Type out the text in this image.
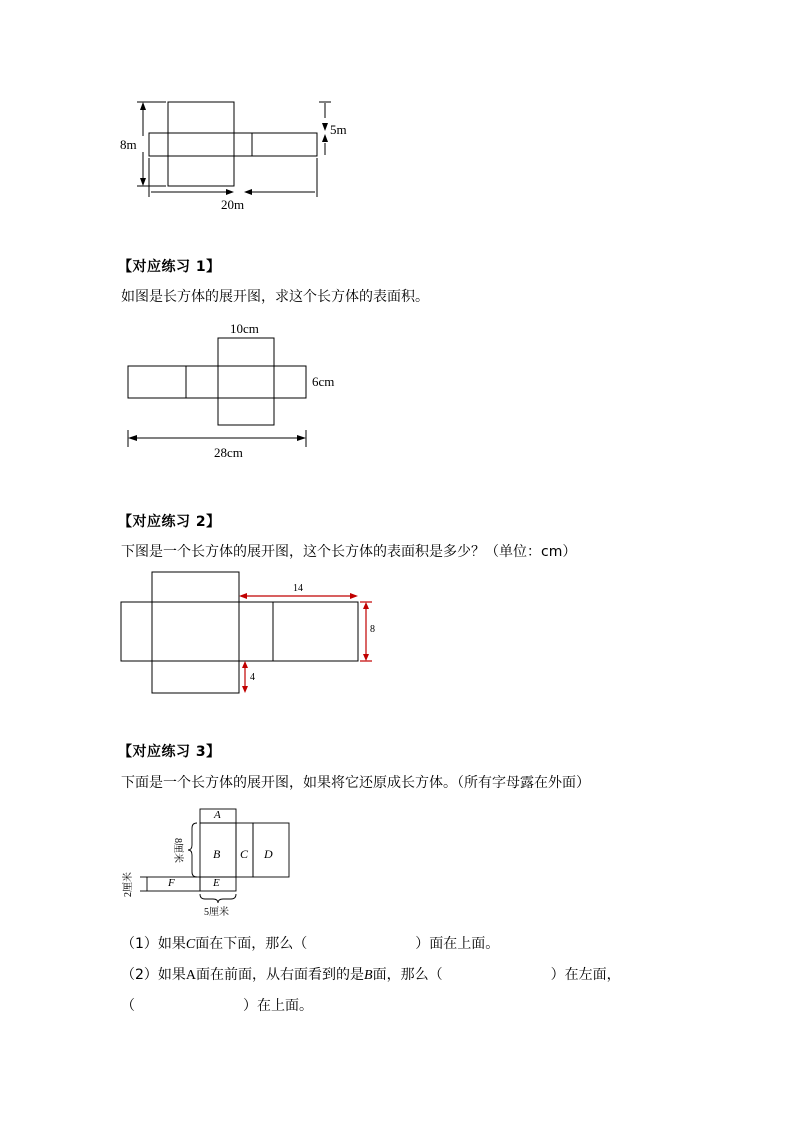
8m
5m
20m
【对应练习 1】
如图是长方体的展开图，求这个长方体的表面积。
10cm
6cm
28cm
【对应练习 2】
下图是一个长方体的展开图，这个长方体的表面积是多少？（单位：cm）
14
8
4
【对应练习 3】
下面是一个长方体的展开图，如果将它还原成长方体。（所有字母露在外面）
A
B C D
E
F
8厘米
2厘米
5厘米
（1）如果C面在下面，那么（	）面在上面。
（2）如果A面在前面，从右面看到的是B面，那么（	）在左面，
（	）在上面。
